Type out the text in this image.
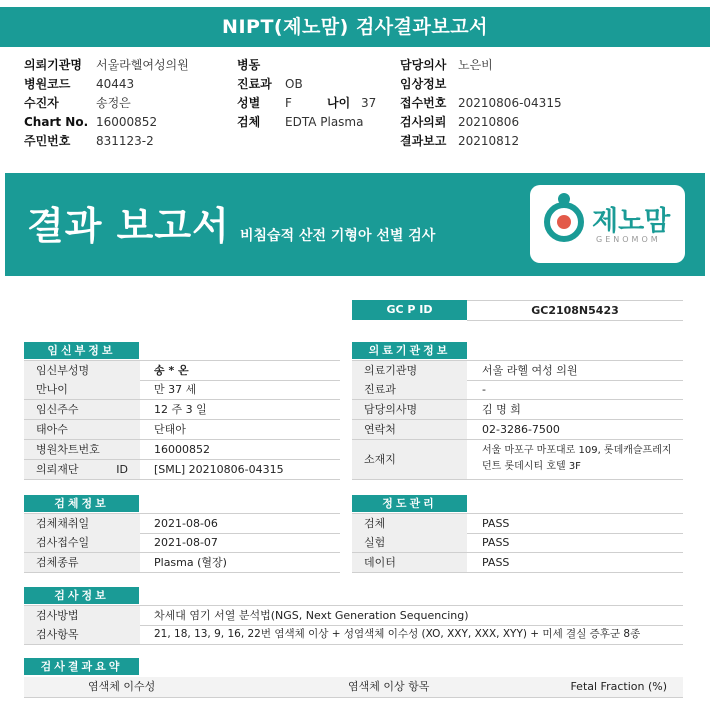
NIPT(제노맘) 검사결과보고서
의뢰기관명 서울라헬여성의원
병원코드 40443
수진자	송정은
Chart No. 16000852
주민번호 831123-2
병동
진료과 OB
성별 F	나이 37
검체 EDTA Plasma
담당의사 노은비
임상정보
접수번호 20210806-04315
검사의뢰 20210806
결과보고 20210812
결과 보고서 비침습적 산전 기형아 선별 검사	제노맘
GENOMOM
GC P ID	GC2108N5423
임신부정보
임신부성명	송 * 온
만나이	만 37 세
임신주수	12 주 3 일
태아수	단태아
병원차트번호	16000852
의뢰재단 ID	[SML] 20210806-04315
의료기관정보
의료기관명	서울 라헬 여성 의원
진료과	-
담당의사명	김 명 희
연락처	02-3286-7500
소재지
서울 마포구 마포대로 109, 롯데캐슬프레지
던트 롯데시티 호텔 3F
검체정보
검체채취일	2021-08-06
검사접수일	2021-08-07
검체종류	Plasma (혈장)
정도관리
검체	PASS
실험	PASS
데이터	PASS
검사정보
검사방법	차세대 염기 서열 분석법(NGS, Next Generation Sequencing)
검사항목	21, 18, 13, 9, 16, 22번 염색체 이상 + 성염색체 이수성 (XO, XXY, XXX, XYY) + 미세 결실 증후군 8종
검사결과요약
염색체 이수성	염색체 이상 항목	Fetal Fraction (%)
